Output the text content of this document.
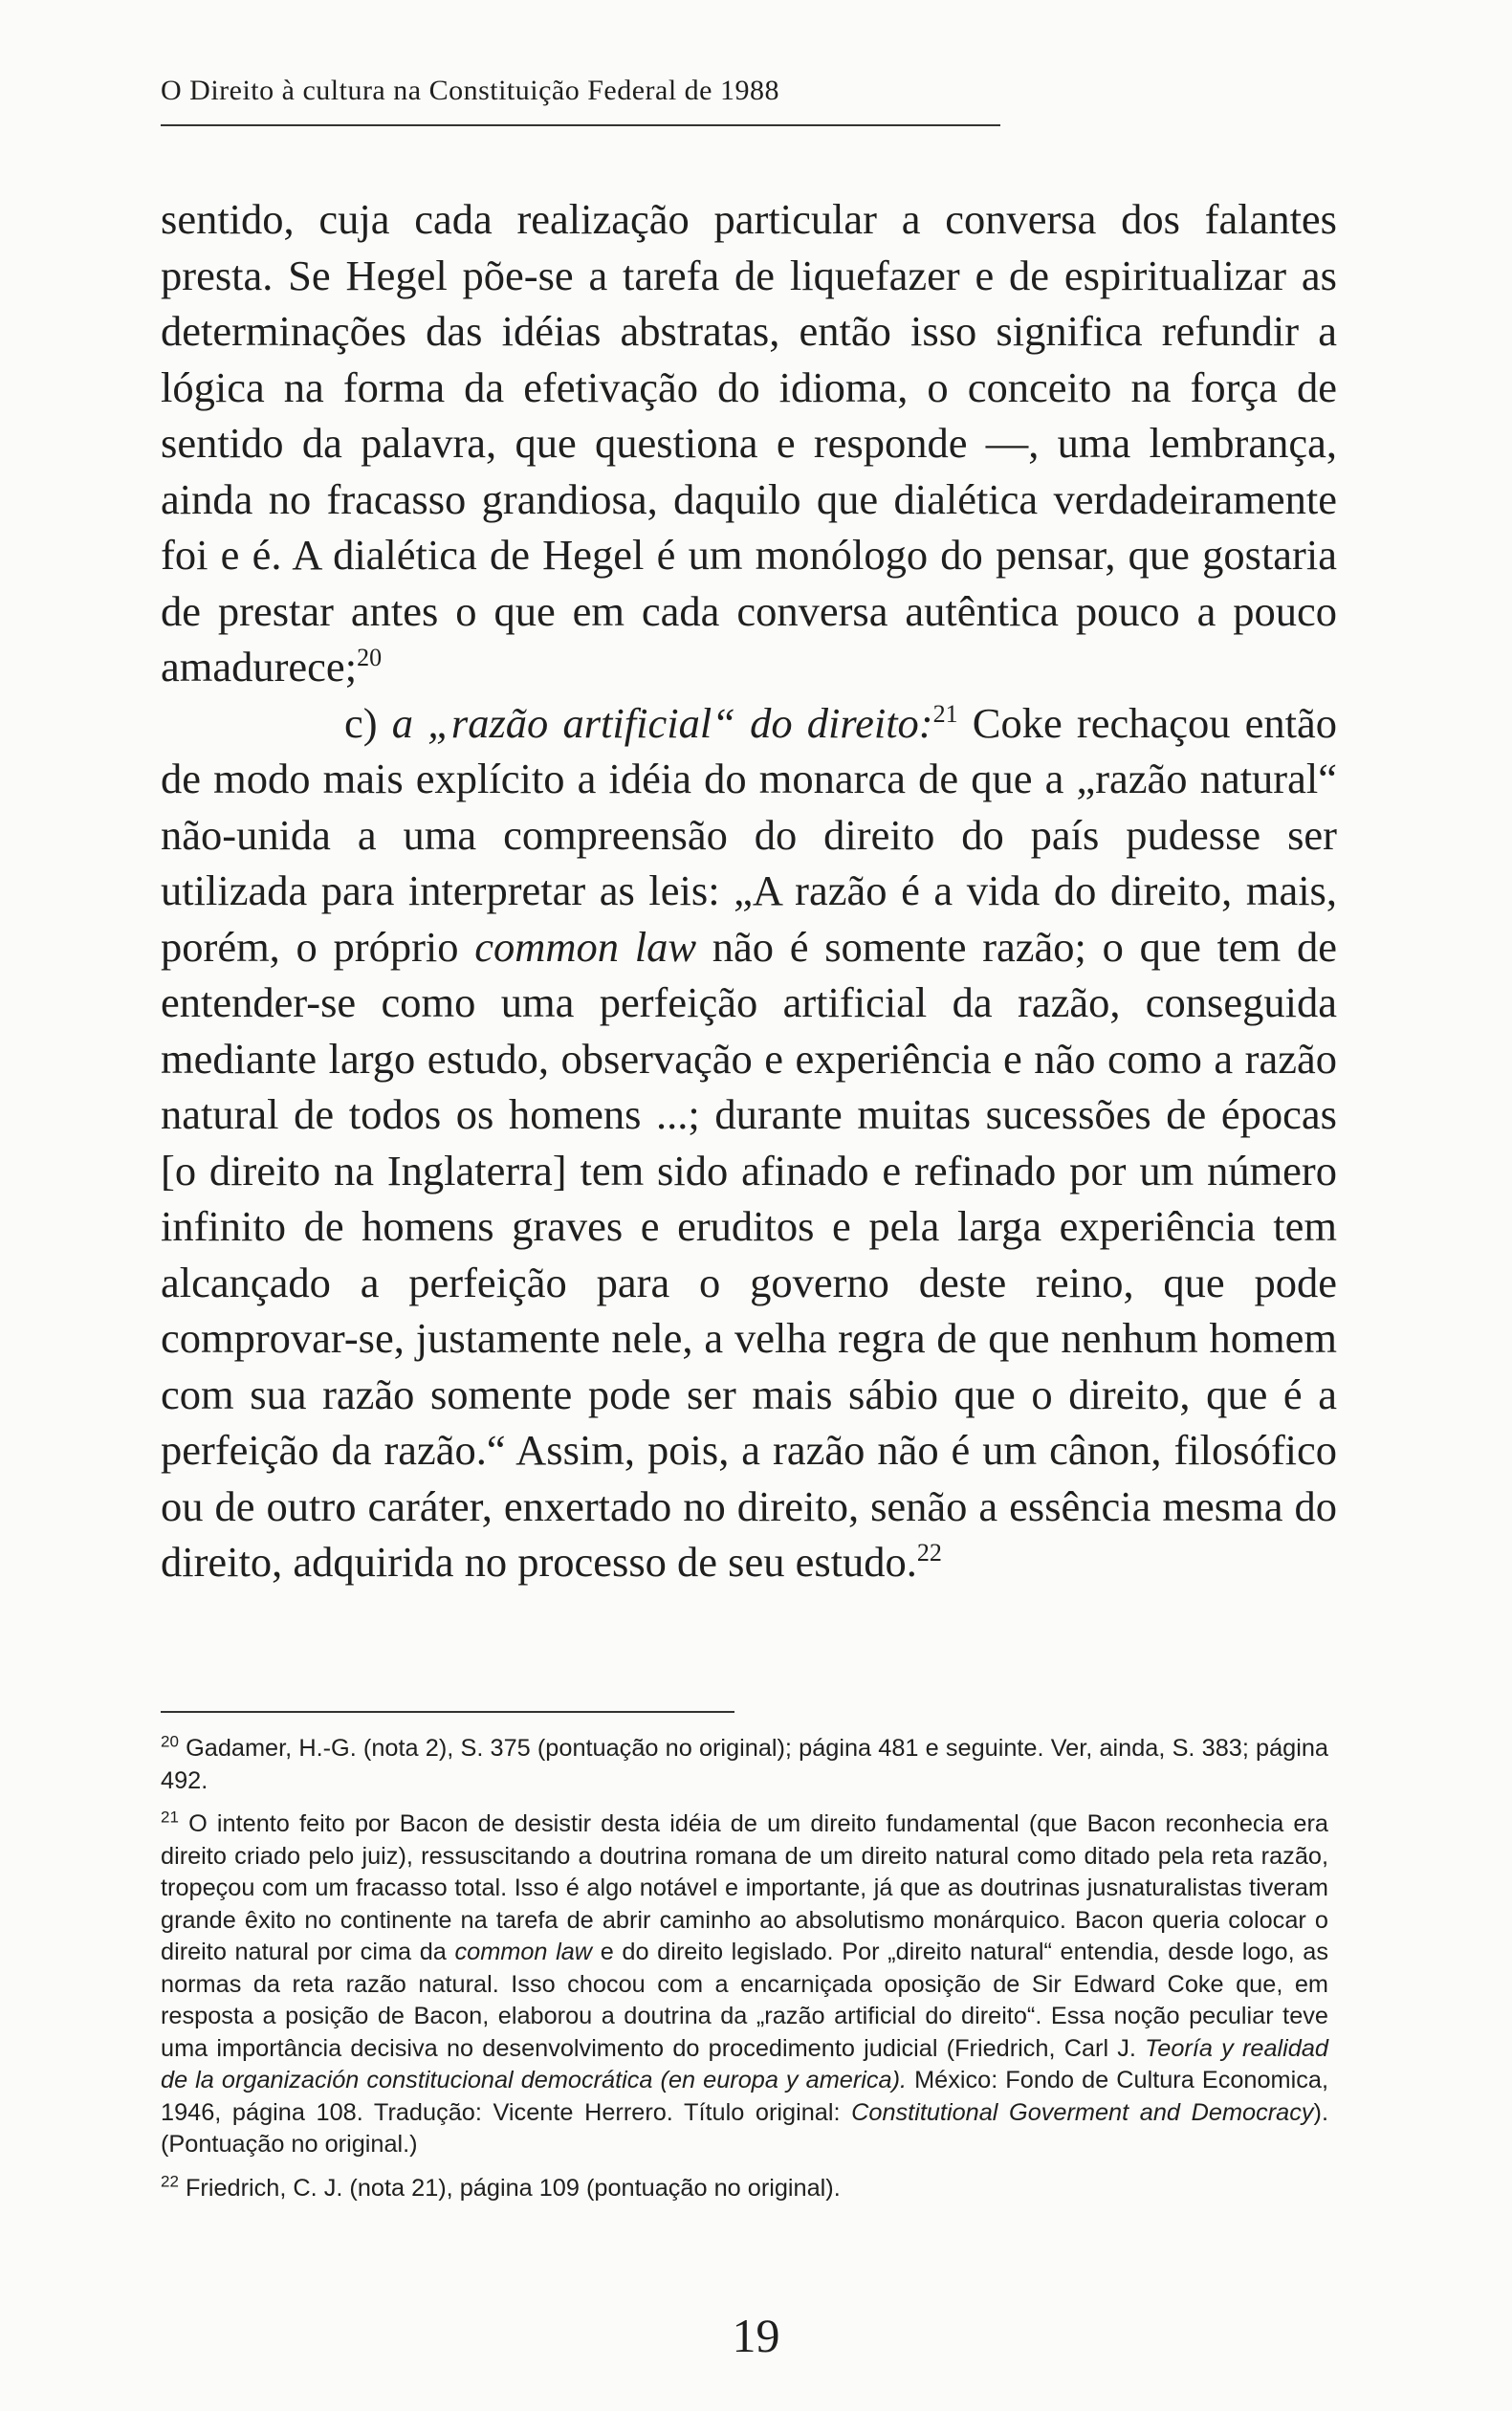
O Direito à cultura na Constituição Federal de 1988

sentido, cuja cada realização particular a conversa dos falantes presta. Se Hegel põe-se a tarefa de liquefazer e de espiritualizar as determinações das idéias abstratas, então isso significa refundir a lógica na forma da efetivação do idioma, o conceito na força de sentido da palavra, que questiona e responde —, uma lembrança, ainda no fracasso grandiosa, daquilo que dialética verdadeiramente foi e é. A dialética de Hegel é um monólogo do pensar, que gostaria de prestar antes o que em cada conversa autêntica pouco a pouco amadurece;$^{20}$

c) a „razão artificial“ do direito:$^{21}$ Coke rechaçou então de modo mais explícito a idéia do monarca de que a „razão natural“ não-unida a uma compreensão do direito do país pudesse ser utilizada para interpretar as leis: „A razão é a vida do direito, mais, porém, o próprio common law não é somente razão; o que tem de entender-se como uma perfeição artificial da razão, conseguida mediante largo estudo, observação e experiência e não como a razão natural de todos os homens ...; durante muitas sucessões de épocas [o direito na Inglaterra] tem sido afinado e refinado por um número infinito de homens graves e eruditos e pela larga experiência tem alcançado a perfeição para o governo deste reino, que pode comprovar-se, justamente nele, a velha regra de que nenhum homem com sua razão somente pode ser mais sábio que o direito, que é a perfeição da razão.“ Assim, pois, a razão não é um cânon, filosófico ou de outro caráter, enxertado no direito, senão a essência mesma do direito, adquirida no processo de seu estudo.$^{22}$

$^{20}$ Gadamer, H.-G. (nota 2), S. 375 (pontuação no original); página 481 e seguinte. Ver, ainda, S. 383; página 492.

$^{21}$ O intento feito por Bacon de desistir desta idéia de um direito fundamental (que Bacon reconhecia era direito criado pelo juiz), ressuscitando a doutrina romana de um direito natural como ditado pela reta razão, tropeçou com um fracasso total. Isso é algo notável e importante, já que as doutrinas jusnaturalistas tiveram grande êxito no continente na tarefa de abrir caminho ao absolutismo monárquico. Bacon queria colocar o direito natural por cima da common law e do direito legislado. Por „direito natural“ entendia, desde logo, as normas da reta razão natural. Isso chocou com a encarniçada oposição de Sir Edward Coke que, em resposta a posição de Bacon, elaborou a doutrina da „razão artificial do direito“. Essa noção peculiar teve uma importância decisiva no desenvolvimento do procedimento judicial (Friedrich, Carl J. Teoría y realidad de la organización constitucional democrática (en europa y america). México: Fondo de Cultura Economica, 1946, página 108. Tradução: Vicente Herrero. Título original: Constitutional Goverment and Democracy). (Pontuação no original.)

$^{22}$ Friedrich, C. J. (nota 21), página 109 (pontuação no original).

19
